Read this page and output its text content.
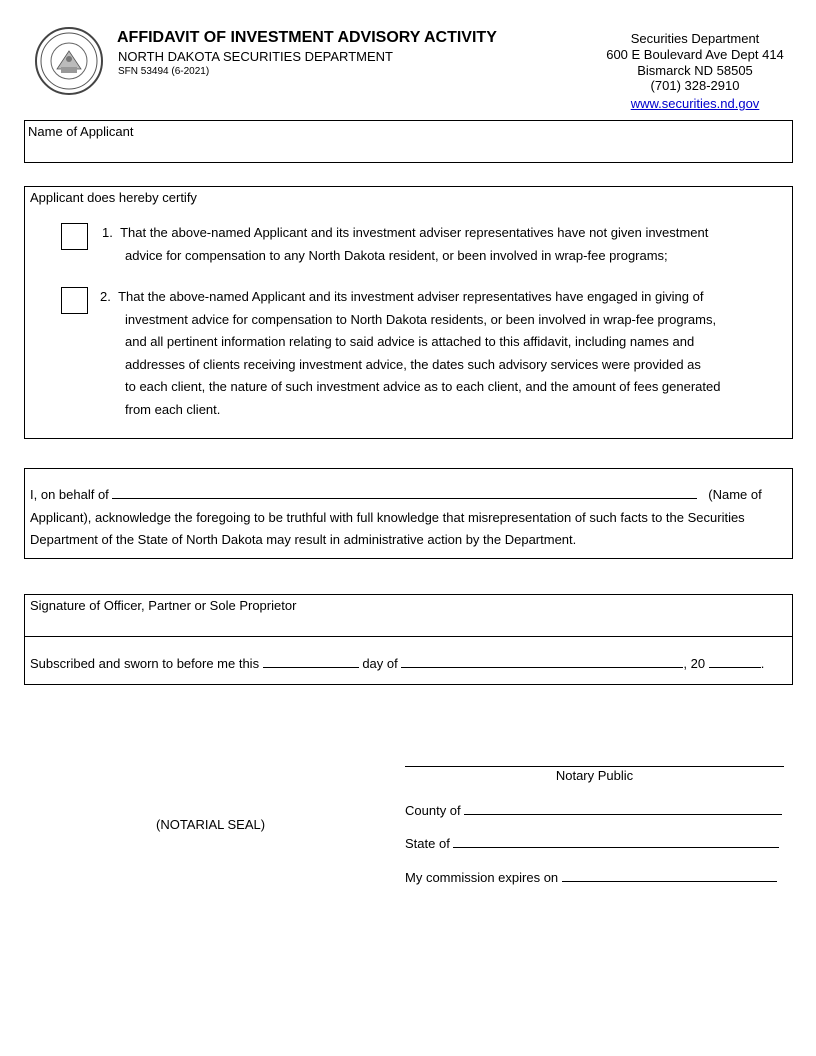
AFFIDAVIT OF INVESTMENT ADVISORY ACTIVITY
NORTH DAKOTA SECURITIES DEPARTMENT
SFN 53494 (6-2021)
Securities Department
600 E Boulevard Ave Dept 414
Bismarck ND 58505
(701) 328-2910
www.securities.nd.gov
Name of Applicant
Applicant does hereby certify
1. That the above-named Applicant and its investment adviser representatives have not given investment
advice for compensation to any North Dakota resident, or been involved in wrap-fee programs;
2. That the above-named Applicant and its investment adviser representatives have engaged in giving of
investment advice for compensation to North Dakota residents, or been involved in wrap-fee programs,
and all pertinent information relating to said advice is attached to this affidavit, including names and
addresses of clients receiving investment advice, the dates such advisory services were provided as
to each client, the nature of such investment advice as to each client, and the amount of fees generated
from each client.
I, on behalf of	(Name of
Applicant), acknowledge the foregoing to be truthful with full knowledge that misrepresentation of such facts to the Securities
Department of the State of North Dakota may result in administrative action by the Department.
Signature of Officer, Partner or Sole Proprietor
Subscribed and sworn to before me this	day of	, 20	.
Notary Public
(NOTARIAL SEAL)
County of
State of
My commission expires on
